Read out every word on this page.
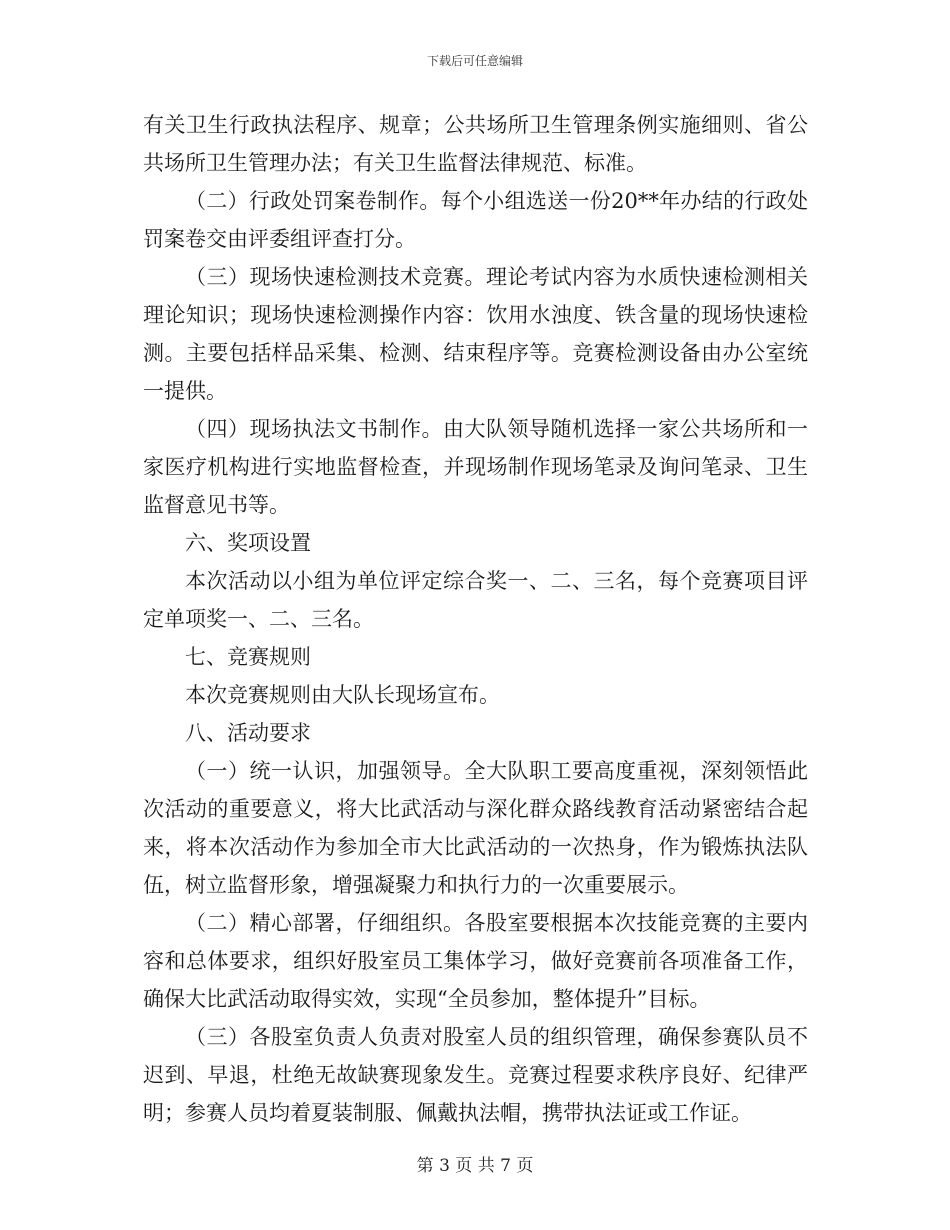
下载后可任意编辑

有关卫生行政执法程序、规章；公共场所卫生管理条例实施细则、省公共场所卫生管理办法；有关卫生监督法律规范、标准。

（二）行政处罚案卷制作。每个小组选送一份20**年办结的行政处罚案卷交由评委组评查打分。

（三）现场快速检测技术竞赛。理论考试内容为水质快速检测相关理论知识；现场快速检测操作内容：饮用水浊度、铁含量的现场快速检测。主要包括样品采集、检测、结束程序等。竞赛检测设备由办公室统一提供。

（四）现场执法文书制作。由大队领导随机选择一家公共场所和一家医疗机构进行实地监督检查，并现场制作现场笔录及询问笔录、卫生监督意见书等。

六、奖项设置

本次活动以小组为单位评定综合奖一、二、三名，每个竞赛项目评定单项奖一、二、三名。

七、竞赛规则

本次竞赛规则由大队长现场宣布。

八、活动要求

（一）统一认识，加强领导。全大队职工要高度重视，深刻领悟此次活动的重要意义，将大比武活动与深化群众路线教育活动紧密结合起来，将本次活动作为参加全市大比武活动的一次热身，作为锻炼执法队伍，树立监督形象，增强凝聚力和执行力的一次重要展示。

（二）精心部署，仔细组织。各股室要根据本次技能竞赛的主要内容和总体要求，组织好股室员工集体学习，做好竞赛前各项准备工作，确保大比武活动取得实效，实现“全员参加，整体提升”目标。

（三）各股室负责人负责对股室人员的组织管理，确保参赛队员不迟到、早退，杜绝无故缺赛现象发生。竞赛过程要求秩序良好、纪律严明；参赛人员均着夏装制服、佩戴执法帽，携带执法证或工作证。

第 3 页 共 7 页
